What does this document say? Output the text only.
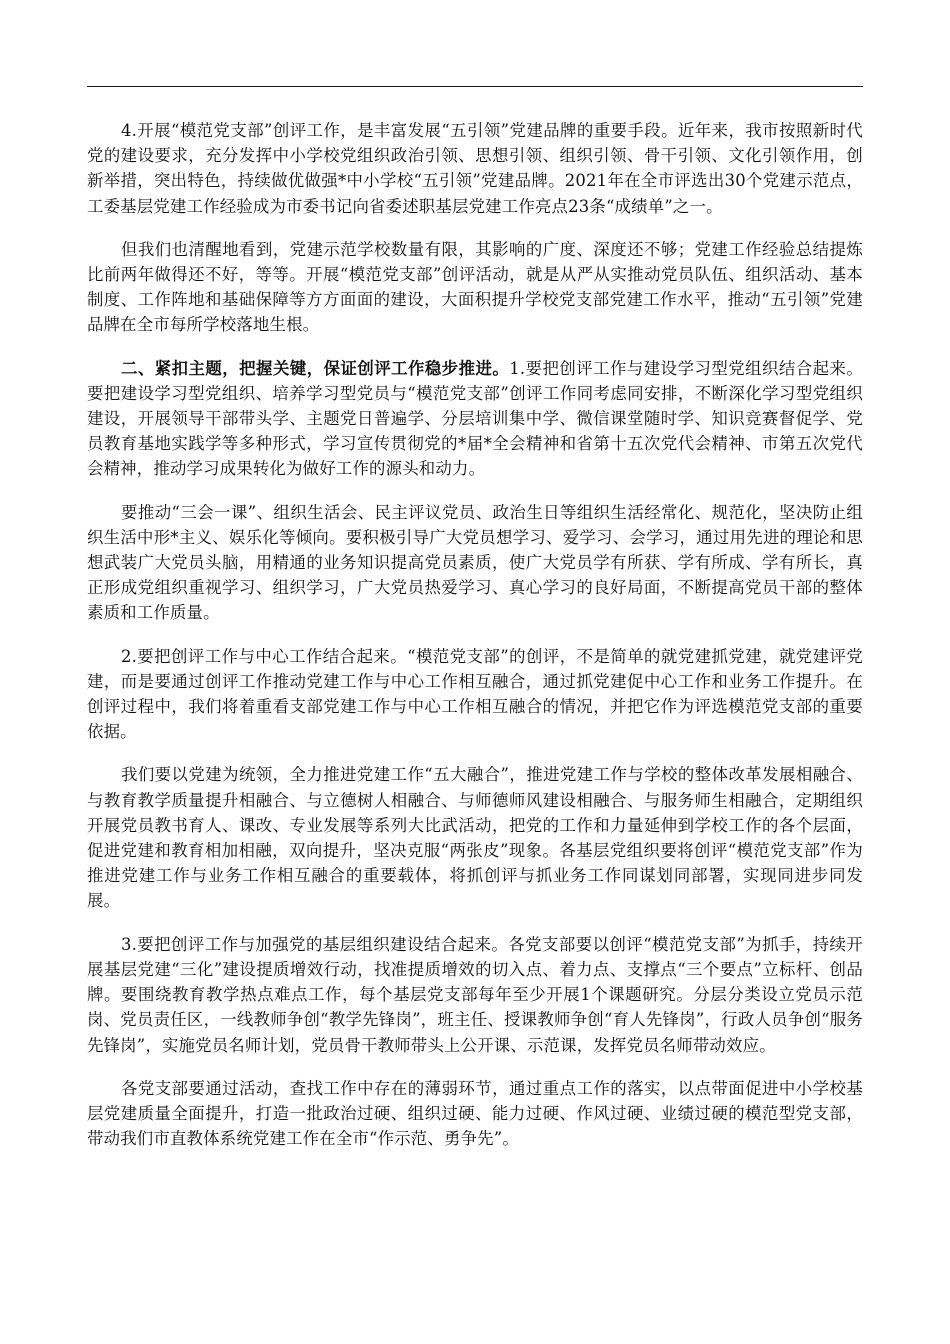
4.开展“模范党支部”创评工作，是丰富发展“五引领”党建品牌的重要手段。近年来，我市按照新时代党的建设要求，充分发挥中小学校党组织政治引领、思想引领、组织引领、骨干引领、文化引领作用，创新举措，突出特色，持续做优做强*中小学校“五引领”党建品牌。2021年在全市评选出30个党建示范点，工委基层党建工作经验成为市委书记向省委述职基层党建工作亮点23条“成绩单”之一。

但我们也清醒地看到，党建示范学校数量有限，其影响的广度、深度还不够；党建工作经验总结提炼比前两年做得还不好，等等。开展“模范党支部”创评活动，就是从严从实推动党员队伍、组织活动、基本制度、工作阵地和基础保障等方方面面的建设，大面积提升学校党支部党建工作水平，推动“五引领”党建品牌在全市每所学校落地生根。

二、紧扣主题，把握关键，保证创评工作稳步推进。1.要把创评工作与建设学习型党组织结合起来。要把建设学习型党组织、培养学习型党员与“模范党支部”创评工作同考虑同安排，不断深化学习型党组织建设，开展领导干部带头学、主题党日普遍学、分层培训集中学、微信课堂随时学、知识竞赛督促学、党员教育基地实践学等多种形式，学习宣传贯彻党的*届*全会精神和省第十五次党代会精神、市第五次党代会精神，推动学习成果转化为做好工作的源头和动力。

要推动“三会一课”、组织生活会、民主评议党员、政治生日等组织生活经常化、规范化，坚决防止组织生活中形*主义、娱乐化等倾向。要积极引导广大党员想学习、爱学习、会学习，通过用先进的理论和思想武装广大党员头脑，用精通的业务知识提高党员素质，使广大党员学有所获、学有所成、学有所长，真正形成党组织重视学习、组织学习，广大党员热爱学习、真心学习的良好局面，不断提高党员干部的整体素质和工作质量。

2.要把创评工作与中心工作结合起来。“模范党支部”的创评，不是简单的就党建抓党建，就党建评党建，而是要通过创评工作推动党建工作与中心工作相互融合，通过抓党建促中心工作和业务工作提升。在创评过程中，我们将着重看支部党建工作与中心工作相互融合的情况，并把它作为评选模范党支部的重要依据。

我们要以党建为统领，全力推进党建工作“五大融合”，推进党建工作与学校的整体改革发展相融合、与教育教学质量提升相融合、与立德树人相融合、与师德师风建设相融合、与服务师生相融合，定期组织开展党员教书育人、课改、专业发展等系列大比武活动，把党的工作和力量延伸到学校工作的各个层面，促进党建和教育相加相融，双向提升，坚决克服“两张皮”现象。各基层党组织要将创评“模范党支部”作为推进党建工作与业务工作相互融合的重要载体，将抓创评与抓业务工作同谋划同部署，实现同进步同发展。

3.要把创评工作与加强党的基层组织建设结合起来。各党支部要以创评“模范党支部”为抓手，持续开展基层党建“三化”建设提质增效行动，找准提质增效的切入点、着力点、支撑点“三个要点”立标杆、创品牌。要围绕教育教学热点难点工作，每个基层党支部每年至少开展1个课题研究。分层分类设立党员示范岗、党员责任区，一线教师争创“教学先锋岗”，班主任、授课教师争创“育人先锋岗”，行政人员争创“服务先锋岗”，实施党员名师计划，党员骨干教师带头上公开课、示范课，发挥党员名师带动效应。

各党支部要通过活动，查找工作中存在的薄弱环节，通过重点工作的落实，以点带面促进中小学校基层党建质量全面提升，打造一批政治过硬、组织过硬、能力过硬、作风过硬、业绩过硬的模范型党支部，带动我们市直教体系统党建工作在全市“作示范、勇争先”。
